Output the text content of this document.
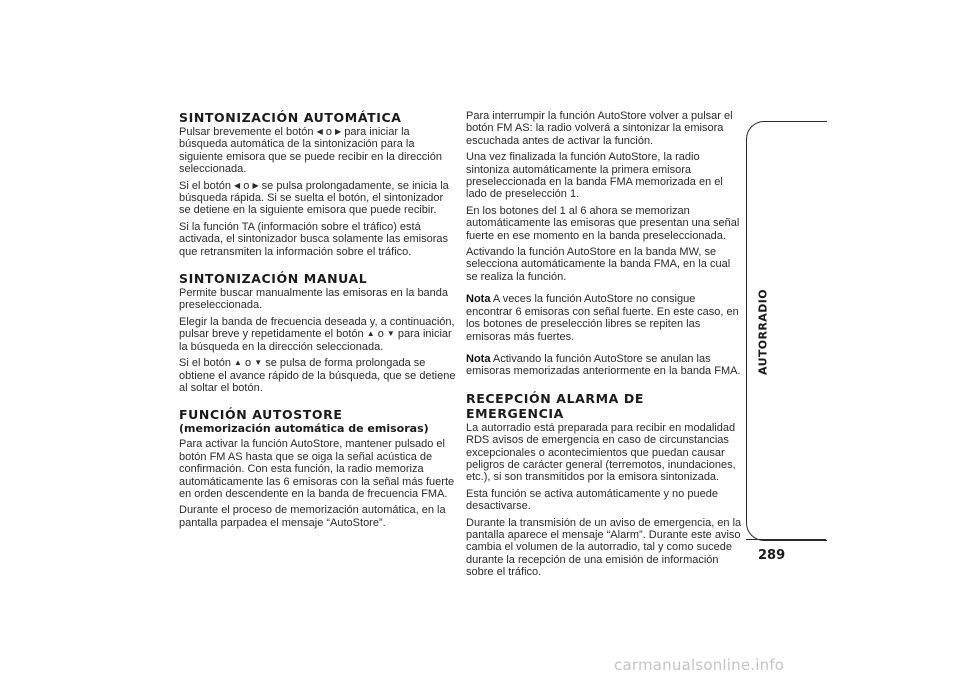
SINTONIZACIÓN AUTOMÁTICA

Pulsar brevemente el botón ◀ o ▶ para iniciar la búsqueda automática de la sintonización para la siguiente emisora que se puede recibir en la dirección seleccionada.

Si el botón ◀ o ▶ se pulsa prolongadamente, se inicia la búsqueda rápida. Si se suelta el botón, el sintonizador se detiene en la siguiente emisora que puede recibir.

Si la función TA (información sobre el tráfico) está activada, el sintonizador busca solamente las emisoras que retransmiten la información sobre el tráfico.

SINTONIZACIÓN MANUAL

Permite buscar manualmente las emisoras en la banda preseleccionada.

Elegir la banda de frecuencia deseada y, a continuación, pulsar breve y repetidamente el botón ▲ o ▼ para iniciar la búsqueda en la dirección seleccionada.

Si el botón ▲ o ▼ se pulsa de forma prolongada se obtiene el avance rápido de la búsqueda, que se detiene al soltar el botón.

FUNCIÓN AUTOSTORE
(memorización automática de emisoras)

Para activar la función AutoStore, mantener pulsado el botón FM AS hasta que se oiga la señal acústica de confirmación. Con esta función, la radio memoriza automáticamente las 6 emisoras con la señal más fuerte en orden descendente en la banda de frecuencia FMA.

Durante el proceso de memorización automática, en la pantalla parpadea el mensaje “AutoStore”.

Para interrumpir la función AutoStore volver a pulsar el botón FM AS: la radio volverá a sintonizar la emisora escuchada antes de activar la función.

Una vez finalizada la función AutoStore, la radio sintoniza automáticamente la primera emisora preseleccionada en la banda FMA memorizada en el lado de preselección 1.

En los botones del 1 al 6 ahora se memorizan automáticamente las emisoras que presentan una señal fuerte en ese momento en la banda preseleccionada.

Activando la función AutoStore en la banda MW, se selecciona automáticamente la banda FMA, en la cual se realiza la función.

Nota A veces la función AutoStore no consigue encontrar 6 emisoras con señal fuerte. En este caso, en los botones de preselección libres se repiten las emisoras más fuertes.

Nota Activando la función AutoStore se anulan las emisoras memorizadas anteriormente en la banda FMA.

RECEPCIÓN ALARMA DE EMERGENCIA

La autorradio está preparada para recibir en modalidad RDS avisos de emergencia en caso de circunstancias excepcionales o acontecimientos que puedan causar peligros de carácter general (terremotos, inundaciones, etc.), si son transmitidos por la emisora sintonizada.

Esta función se activa automáticamente y no puede desactivarse.

Durante la transmisión de un aviso de emergencia, en la pantalla aparece el mensaje “Alarm”. Durante este aviso cambia el volumen de la autorradio, tal y como sucede durante la recepción de una emisión de información sobre el tráfico.

AUTORRADIO
289
carmanualsonline.info
